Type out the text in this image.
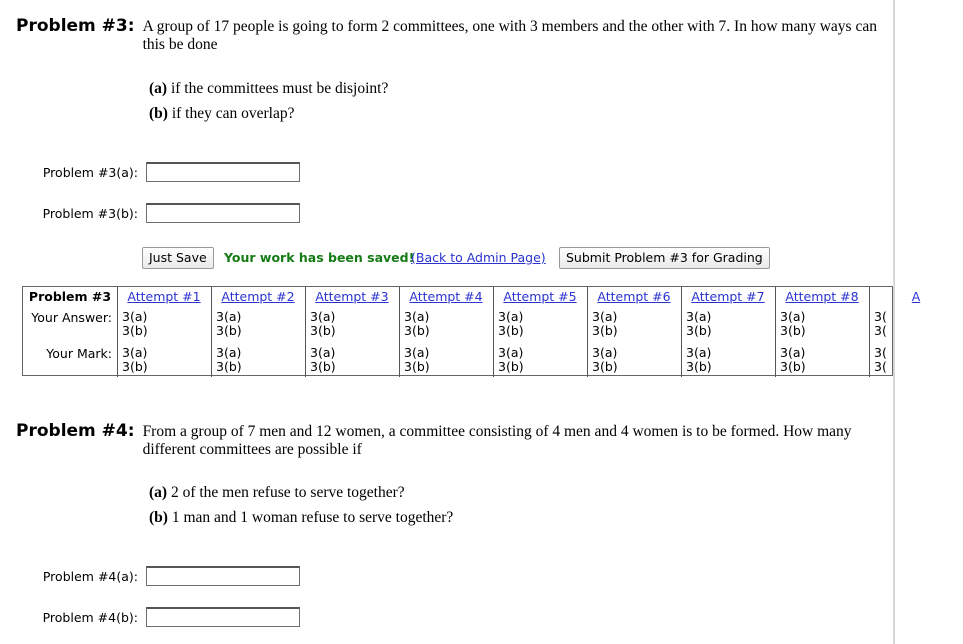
Problem #3: A group of 17 people is going to form 2 committees, one with 3 members and the other with 7. In how many ways can this be done
(a) if the committees must be disjoint?
(b) if they can overlap?
Problem #3(a):
Problem #3(b):
Just Save	Your work has been saved!
(Back to Admin Page)	Submit Problem #3 for Grading
Problem #3
Your Answer:
Your Mark:
Attempt #1
3(a)
3(b)
3(a)
3(b)
Attempt #2
3(a)
3(b)
3(a)
3(b)
Attempt #3
3(a)
3(b)
3(a)
3(b)
Attempt #4
3(a)
3(b)
3(a)
3(b)
Attempt #5
3(a)
3(b)
3(a)
3(b)
Attempt #6
3(a)
3(b)
3(a)
3(b)
Attempt #7
3(a)
3(b)
3(a)
3(b)
Attempt #8
3(a)
3(b)
3(a)
3(b)
A
3(
3(
3(
3(
Problem #4: From a group of 7 men and 12 women, a committee consisting of 4 men and 4 women is to be formed. How many different committees are possible if
(a) 2 of the men refuse to serve together?
(b) 1 man and 1 woman refuse to serve together?
Problem #4(a):
Problem #4(b):
